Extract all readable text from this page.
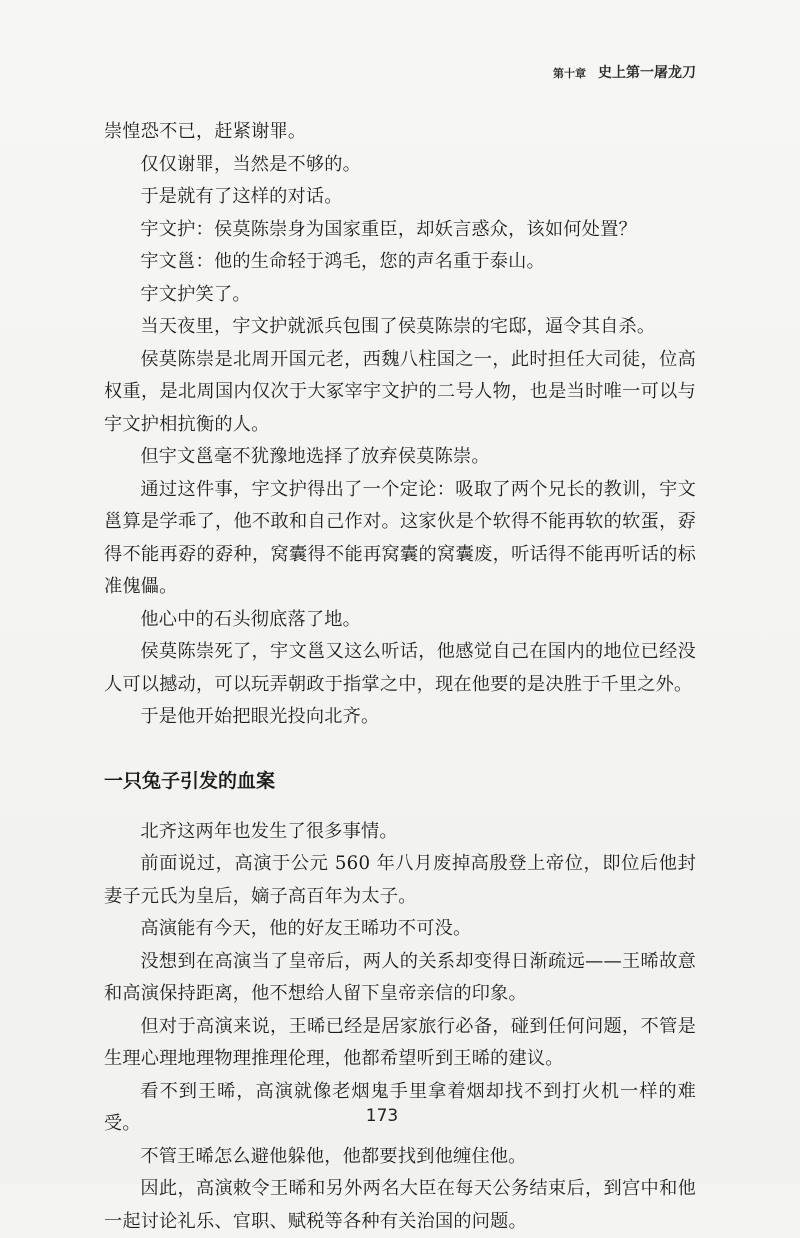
第十章 史上第一屠龙刀

崇惶恐不已，赶紧谢罪。

仅仅谢罪，当然是不够的。

于是就有了这样的对话。

宇文护：侯莫陈崇身为国家重臣，却妖言惑众，该如何处置？

宇文邕：他的生命轻于鸿毛，您的声名重于泰山。

宇文护笑了。

当天夜里，宇文护就派兵包围了侯莫陈崇的宅邸，逼令其自杀。

侯莫陈崇是北周开国元老，西魏八柱国之一，此时担任大司徒，位高权重，是北周国内仅次于大冢宰宇文护的二号人物，也是当时唯一可以与宇文护相抗衡的人。

但宇文邕毫不犹豫地选择了放弃侯莫陈崇。

通过这件事，宇文护得出了一个定论：吸取了两个兄长的教训，宇文邕算是学乖了，他不敢和自己作对。这家伙是个软得不能再软的软蛋，孬得不能再孬的孬种，窝囊得不能再窝囊的窝囊废，听话得不能再听话的标准傀儡。

他心中的石头彻底落了地。

侯莫陈崇死了，宇文邕又这么听话，他感觉自己在国内的地位已经没人可以撼动，可以玩弄朝政于指掌之中，现在他要的是决胜于千里之外。

于是他开始把眼光投向北齐。

一只兔子引发的血案

北齐这两年也发生了很多事情。

前面说过，高演于公元 560 年八月废掉高殷登上帝位，即位后他封妻子元氏为皇后，嫡子高百年为太子。

高演能有今天，他的好友王晞功不可没。

没想到在高演当了皇帝后，两人的关系却变得日渐疏远——王晞故意和高演保持距离，他不想给人留下皇帝亲信的印象。

但对于高演来说，王晞已经是居家旅行必备，碰到任何问题，不管是生理心理地理物理推理伦理，他都希望听到王晞的建议。

看不到王晞，高演就像老烟鬼手里拿着烟却找不到打火机一样的难受。

不管王晞怎么避他躲他，他都要找到他缠住他。

因此，高演敕令王晞和另外两名大臣在每天公务结束后，到宫中和他一起讨论礼乐、官职、赋税等各种有关治国的问题。

173
